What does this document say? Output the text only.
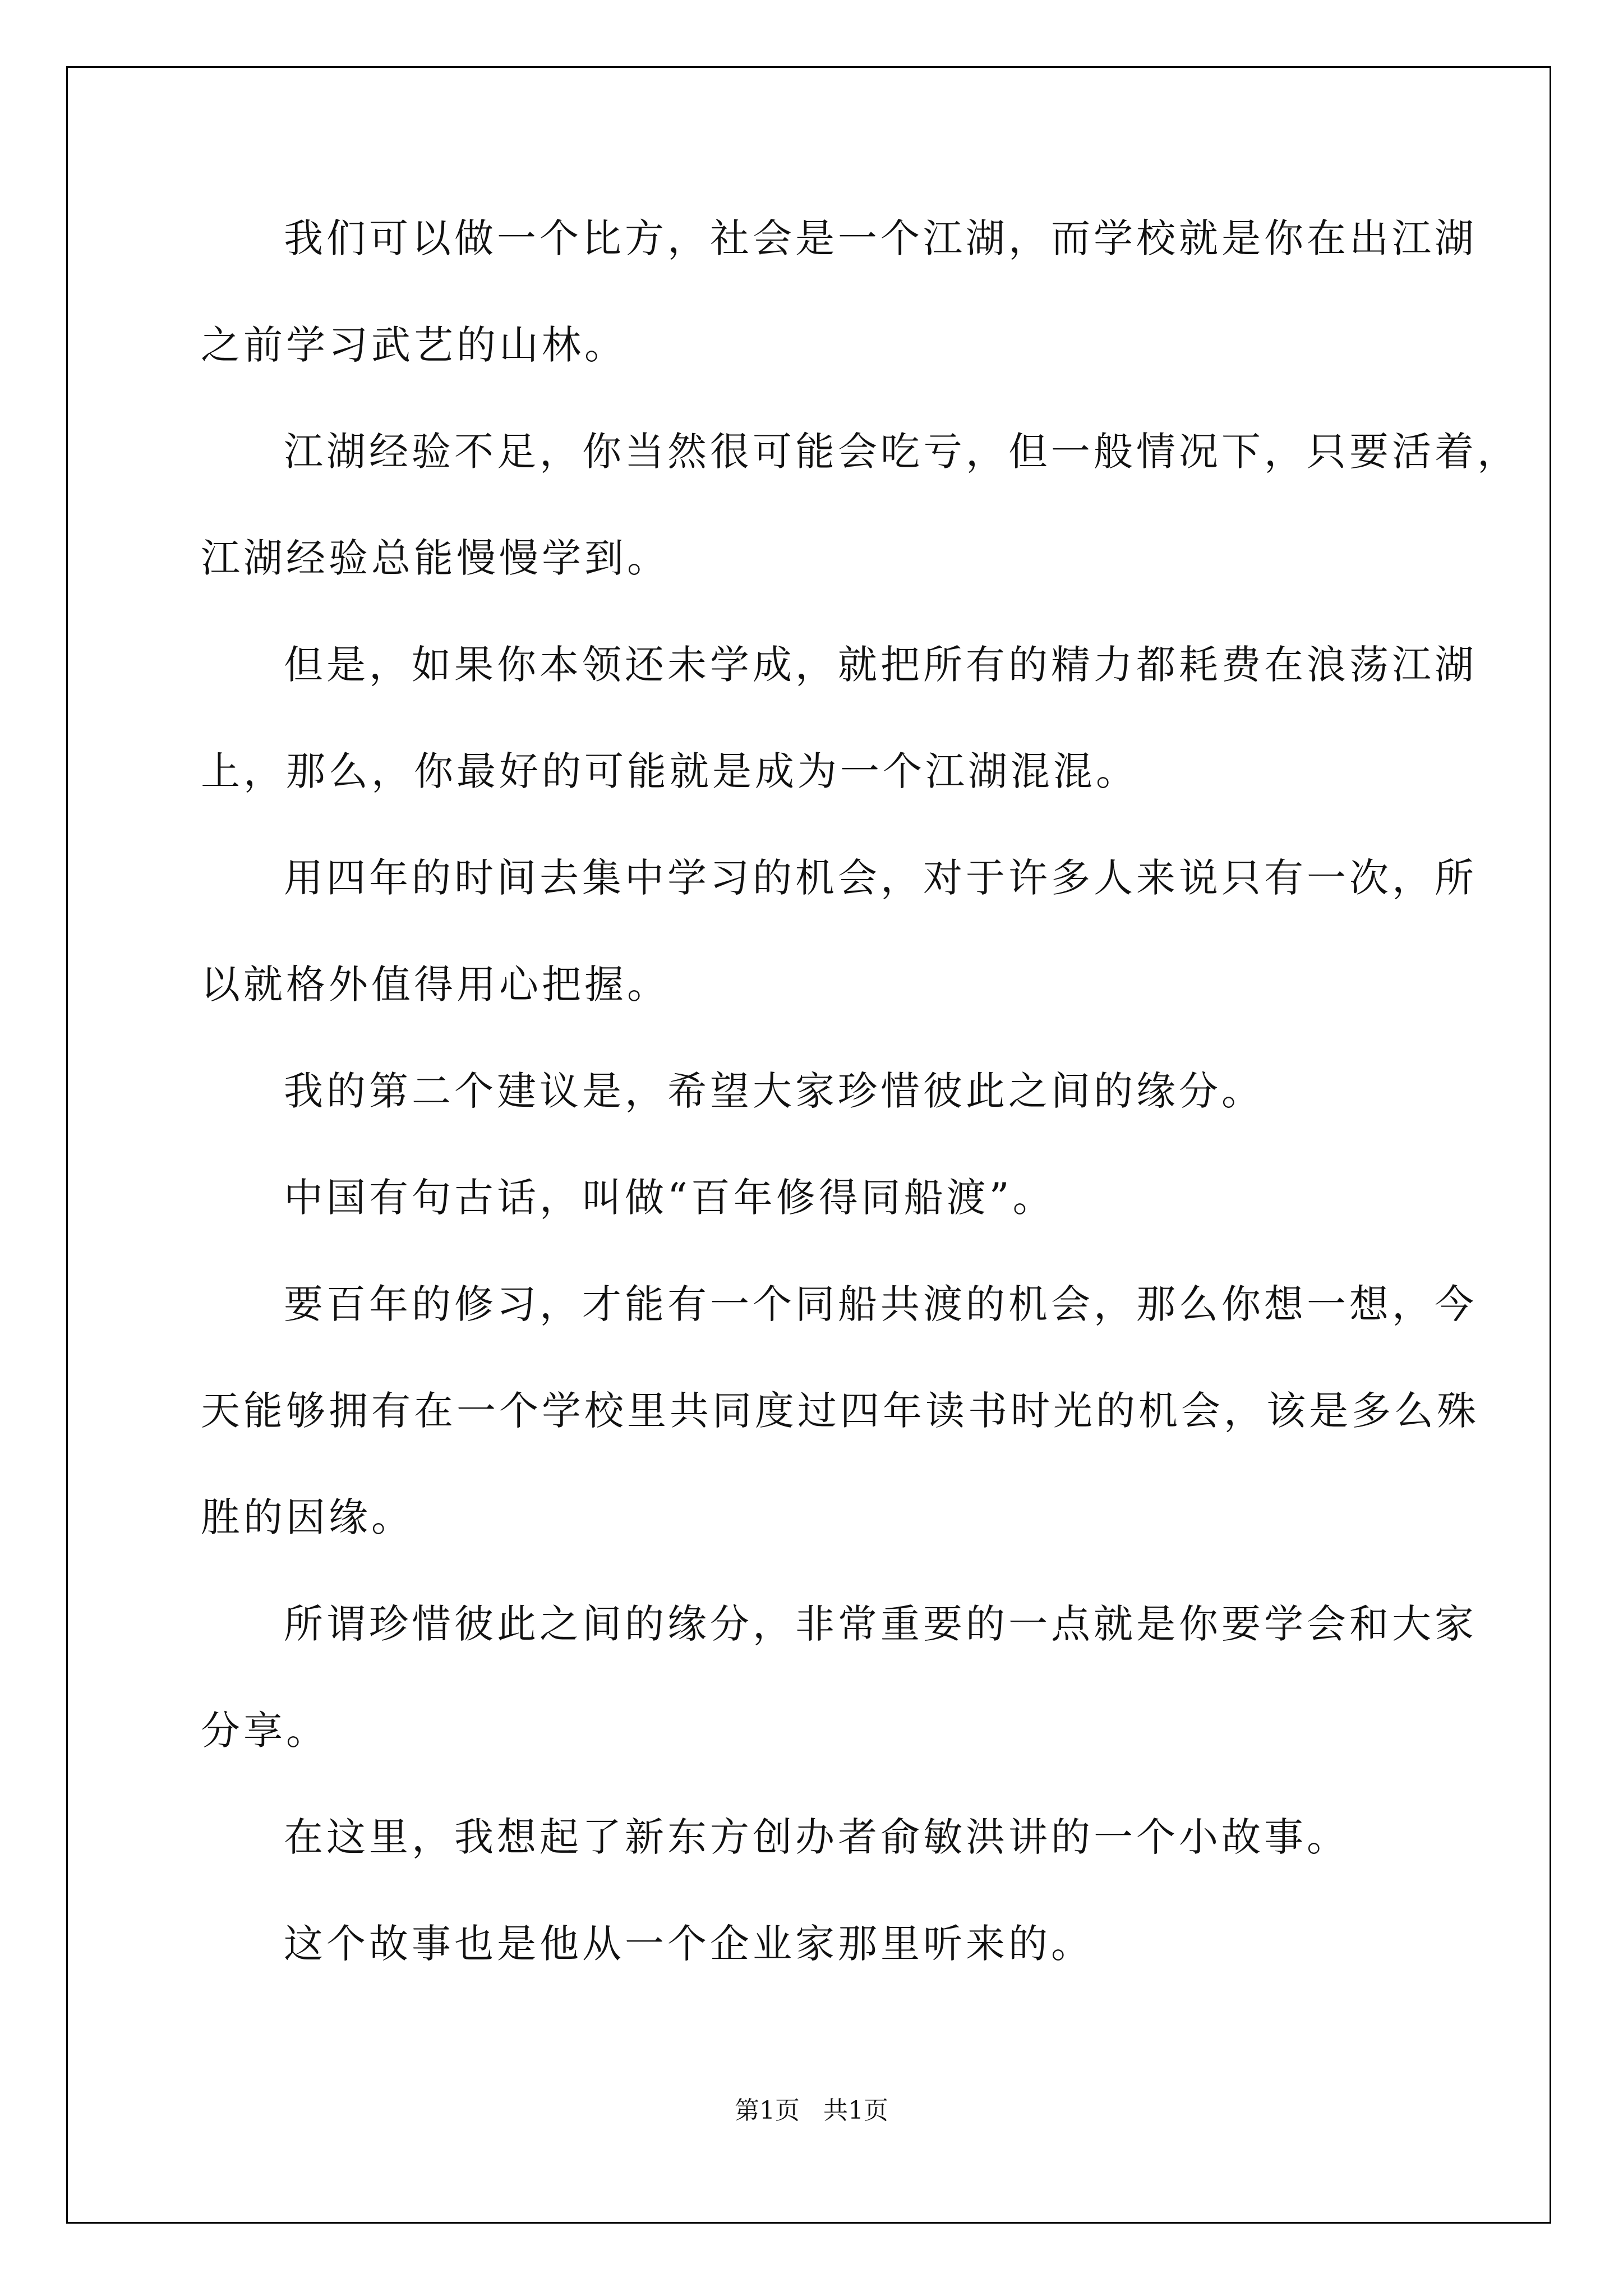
我们可以做一个比方，社会是一个江湖，而学校就是你在出江湖
之前学习武艺的山林。
江湖经验不足，你当然很可能会吃亏，但一般情况下，只要活着，
江湖经验总能慢慢学到。
但是，如果你本领还未学成，就把所有的精力都耗费在浪荡江湖
上，那么，你最好的可能就是成为一个江湖混混。
用四年的时间去集中学习的机会，对于许多人来说只有一次，所
以就格外值得用心把握。
我的第二个建议是，希望大家珍惜彼此之间的缘分。
中国有句古话，叫做“百年修得同船渡”。
要百年的修习，才能有一个同船共渡的机会，那么你想一想，今
天能够拥有在一个学校里共同度过四年读书时光的机会，该是多么殊
胜的因缘。
所谓珍惜彼此之间的缘分，非常重要的一点就是你要学会和大家
分享。
在这里，我想起了新东方创办者俞敏洪讲的一个小故事。
这个故事也是他从一个企业家那里听来的。
第1页   共1页
